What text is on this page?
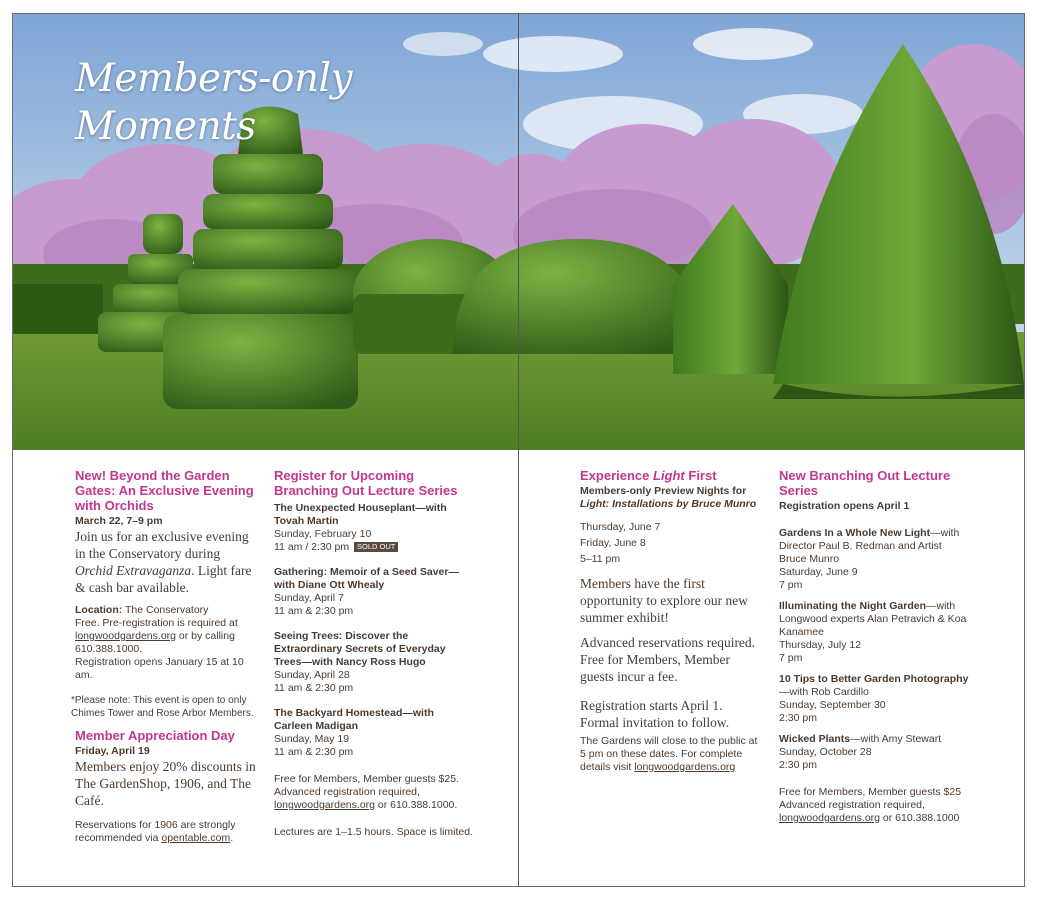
Members-only
Moments

New! Beyond the Garden Gates: An Exclusive Evening with Orchids

March 22, 7–9 pm

Join us for an exclusive evening in the Conservatory during Orchid Extravaganza. Light fare & cash bar available.

Location: The Conservatory

Free. Pre-registration is required at longwoodgardens.org or by calling 610.388.1000.

Registration opens January 15 at 10 am.

*Please note: This event is open to only Chimes Tower and Rose Arbor Members.

Member Appreciation Day

Friday, April 19

Members enjoy 20% discounts in The GardenShop, 1906, and The Café.

Reservations for 1906 are strongly recommended via opentable.com.

Register for Upcoming Branching Out Lecture Series

The Unexpected Houseplant—with Tovah Martin

Sunday, February 10

11 am / 2:30 pm SOLD OUT

Gathering: Memoir of a Seed Saver—with Diane Ott Whealy

Sunday, April 7

11 am & 2:30 pm

Seeing Trees: Discover the Extraordinary Secrets of Everyday Trees—with Nancy Ross Hugo

Sunday, April 28

11 am & 2:30 pm

The Backyard Homestead—with Carleen Madigan

Sunday, May 19

11 am & 2:30 pm

Free for Members, Member guests $25. Advanced registration required, longwoodgardens.org or 610.388.1000.

Lectures are 1–1.5 hours. Space is limited.

Experience Light First

Members-only Preview Nights for Light: Installations by Bruce Munro

Thursday, June 7

Friday, June 8

5–11 pm

Members have the first opportunity to explore our new summer exhibit!

Advanced reservations required. Free for Members, Member guests incur a fee.

Registration starts April 1. Formal invitation to follow.

The Gardens will close to the public at 5 pm on these dates. For complete details visit longwoodgardens.org

New Branching Out Lecture Series

Registration opens April 1

Gardens In a Whole New Light—with Director Paul B. Redman and Artist Bruce Munro

Saturday, June 9

7 pm

Illuminating the Night Garden—with Longwood experts Alan Petravich & Koa Kanamee

Thursday, July 12

7 pm

10 Tips to Better Garden Photography—with Rob Cardillo

Sunday, September 30

2:30 pm

Wicked Plants—with Amy Stewart

Sunday, October 28

2:30 pm

Free for Members, Member guests $25 Advanced registration required, longwoodgardens.org or 610.388.1000
